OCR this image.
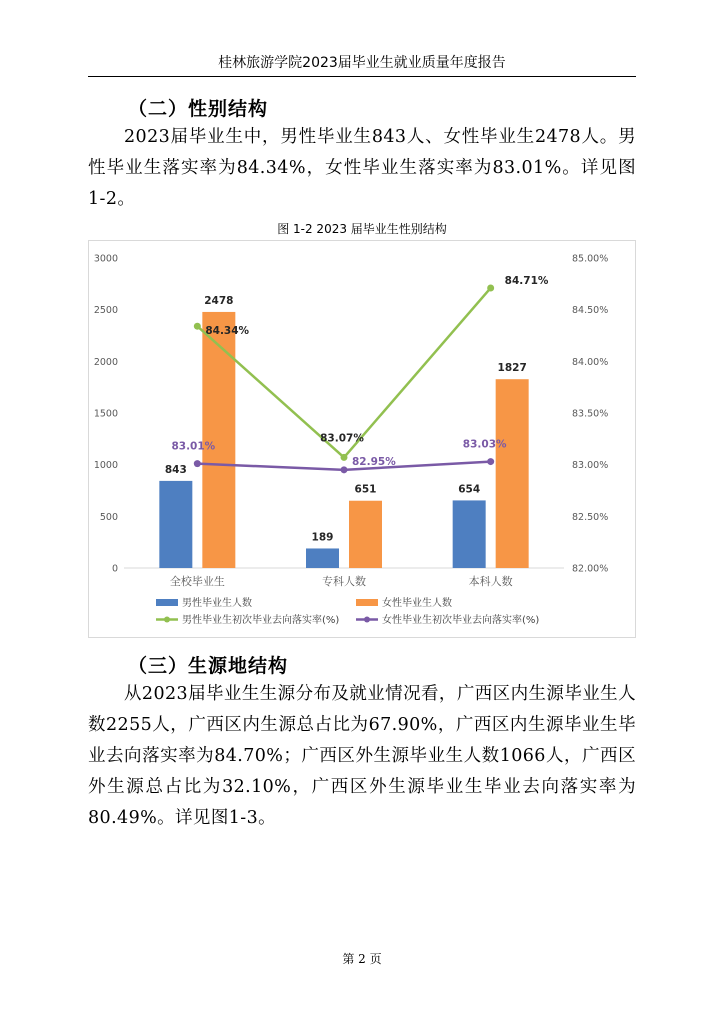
桂林旅游学院2023届毕业生就业质量年度报告
（二）性别结构
2023届毕业生中，男性毕业生843人、女性毕业生2478人。男性毕业生落实率为84.34%，女性毕业生落实率为83.01%。详见图1-2。
图 1-2 2023 届毕业生性别结构
0
500
1000
1500
2000
2500
3000
82.00%
82.50%
83.00%
83.50%
84.00%
84.50%
85.00%
843
189
654
2478
651
1827
84.34%
83.07%
84.71%
83.01%
82.95%
83.03%
全校毕业生	专科人数	本科人数
男性毕业生人数	女性毕业生人数
男性毕业生初次毕业去向落实率(%)	女性毕业生初次毕业去向落实率(%)
（三）生源地结构
从2023届毕业生生源分布及就业情况看，广西区内生源毕业生人数2255人，广西区内生源总占比为67.90%，广西区内生源毕业生毕业去向落实率为84.70%；广西区外生源毕业生人数1066人，广西区外生源总占比为32.10%，广西区外生源毕业生毕业去向落实率为80.49%。详见图1-3。
第 2 页
